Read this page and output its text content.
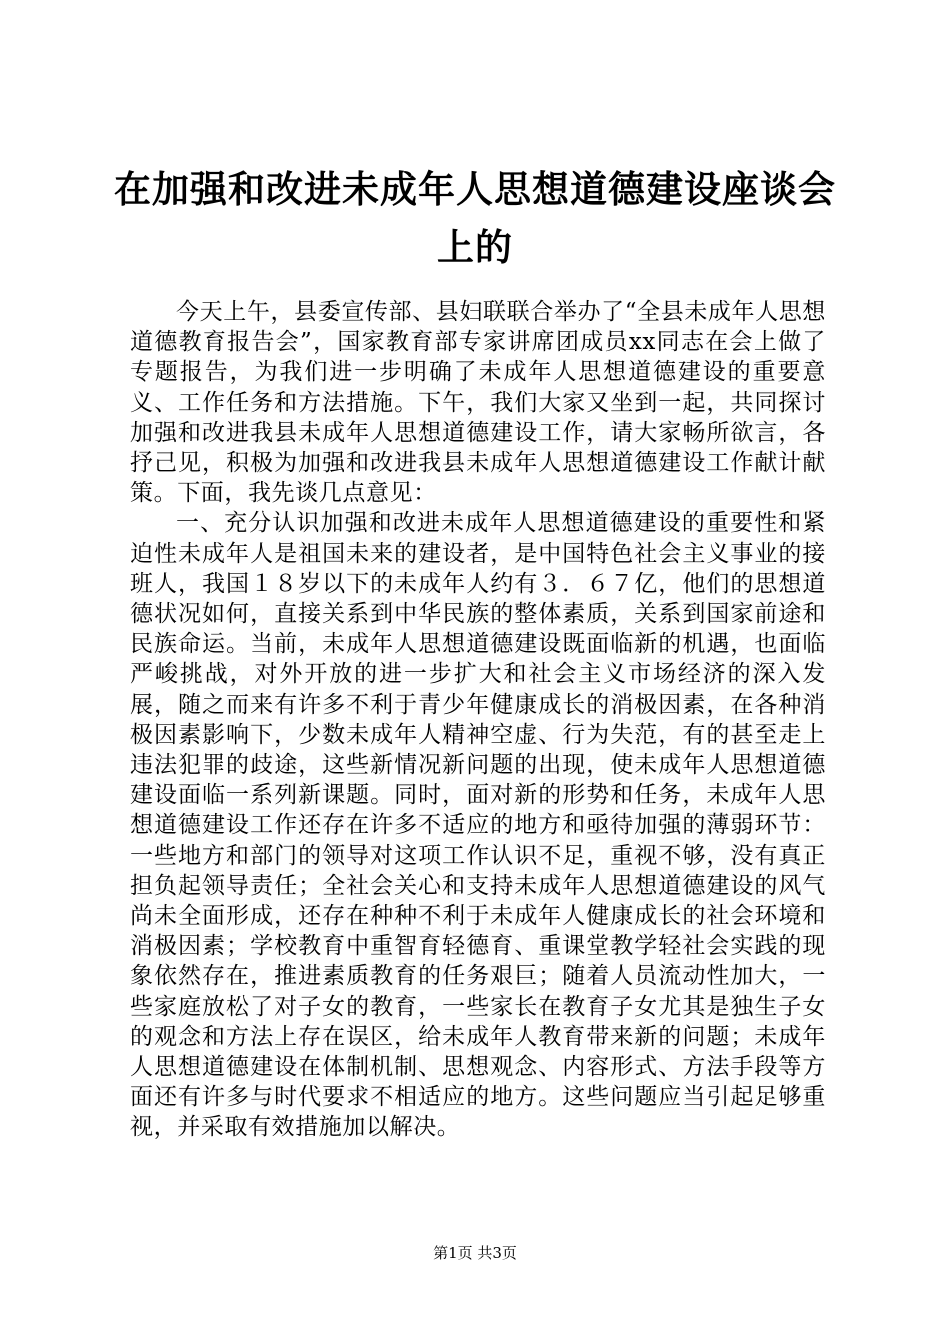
在加强和改进未成年人思想道德建设座谈会上的

今天上午，县委宣传部、县妇联联合举办了“全县未成年人思想道德教育报告会”，国家教育部专家讲席团成员xx同志在会上做了专题报告，为我们进一步明确了未成年人思想道德建设的重要意义、工作任务和方法措施。下午，我们大家又坐到一起，共同探讨加强和改进我县未成年人思想道德建设工作，请大家畅所欲言，各抒己见，积极为加强和改进我县未成年人思想道德建设工作献计献策。下面，我先谈几点意见：

一、充分认识加强和改进未成年人思想道德建设的重要性和紧迫性未成年人是祖国未来的建设者，是中国特色社会主义事业的接班人，我国１８岁以下的未成年人约有３．６７亿，他们的思想道德状况如何，直接关系到中华民族的整体素质，关系到国家前途和民族命运。当前，未成年人思想道德建设既面临新的机遇，也面临严峻挑战，对外开放的进一步扩大和社会主义市场经济的深入发展，随之而来有许多不利于青少年健康成长的消极因素，在各种消极因素影响下，少数未成年人精神空虚、行为失范，有的甚至走上违法犯罪的歧途，这些新情况新问题的出现，使未成年人思想道德建设面临一系列新课题。同时，面对新的形势和任务，未成年人思想道德建设工作还存在许多不适应的地方和亟待加强的薄弱环节：一些地方和部门的领导对这项工作认识不足，重视不够，没有真正担负起领导责任；全社会关心和支持未成年人思想道德建设的风气尚未全面形成，还存在种种不利于未成年人健康成长的社会环境和消极因素；学校教育中重智育轻德育、重课堂教学轻社会实践的现象依然存在，推进素质教育的任务艰巨；随着人员流动性加大，一些家庭放松了对子女的教育，一些家长在教育子女尤其是独生子女的观念和方法上存在误区，给未成年人教育带来新的问题；未成年人思想道德建设在体制机制、思想观念、内容形式、方法手段等方面还有许多与时代要求不相适应的地方。这些问题应当引起足够重视，并采取有效措施加以解决。

第1页 共3页
